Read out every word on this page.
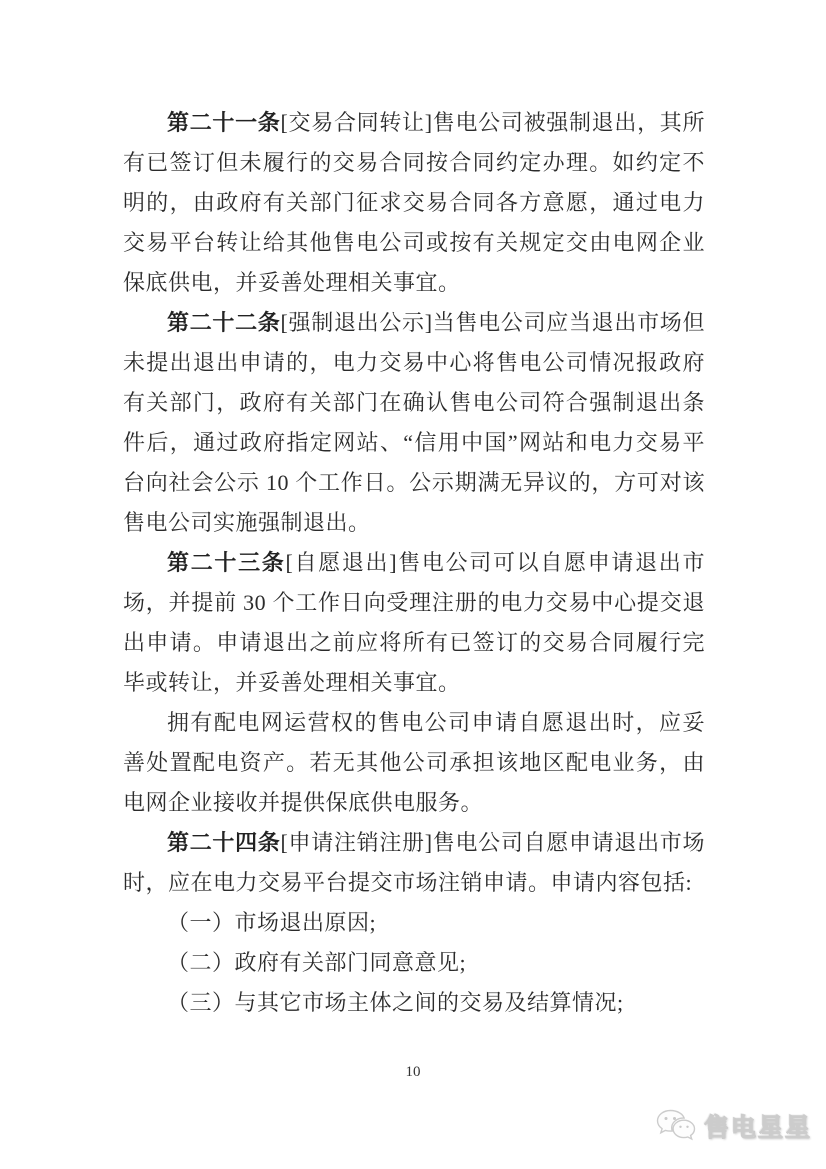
第二十一条[交易合同转让]售电公司被强制退出，其所有已签订但未履行的交易合同按合同约定办理。如约定不明的，由政府有关部门征求交易合同各方意愿，通过电力交易平台转让给其他售电公司或按有关规定交由电网企业保底供电，并妥善处理相关事宜。

第二十二条[强制退出公示]当售电公司应当退出市场但未提出退出申请的，电力交易中心将售电公司情况报政府有关部门，政府有关部门在确认售电公司符合强制退出条件后，通过政府指定网站、“信用中国”网站和电力交易平台向社会公示 10 个工作日。公示期满无异议的，方可对该售电公司实施强制退出。

第二十三条[自愿退出]售电公司可以自愿申请退出市场，并提前 30 个工作日向受理注册的电力交易中心提交退出申请。申请退出之前应将所有已签订的交易合同履行完毕或转让，并妥善处理相关事宜。

拥有配电网运营权的售电公司申请自愿退出时，应妥善处置配电资产。若无其他公司承担该地区配电业务，由电网企业接收并提供保底供电服务。

第二十四条[申请注销注册]售电公司自愿申请退出市场时，应在电力交易平台提交市场注销申请。申请内容包括:

（一）市场退出原因;

（二）政府有关部门同意意见;

（三）与其它市场主体之间的交易及结算情况;

10
售电星星
